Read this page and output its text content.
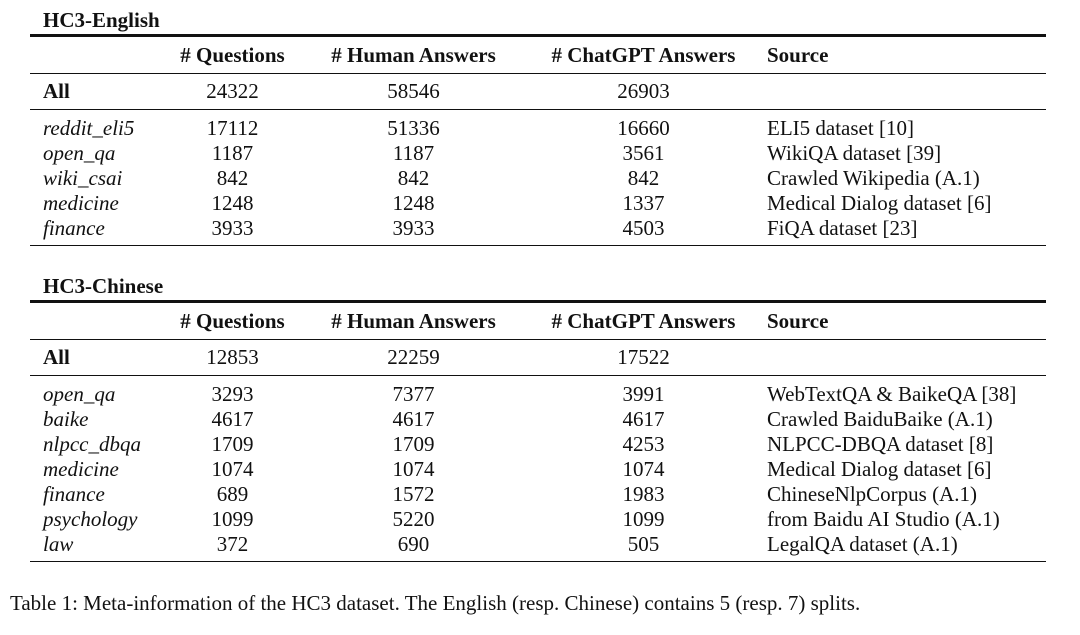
HC3-English
	# Questions	# Human Answers	# ChatGPT Answers	Source
All	24322	58546	26903	
reddit_eli5	17112	51336	16660	ELI5 dataset [10]
open_qa	1187	1187	3561	WikiQA dataset [39]
wiki_csai	842	842	842	Crawled Wikipedia (A.1)
medicine	1248	1248	1337	Medical Dialog dataset [6]
finance	3933	3933	4503	FiQA dataset [23]
HC3-Chinese
	# Questions	# Human Answers	# ChatGPT Answers	Source
All	12853	22259	17522	
open_qa	3293	7377	3991	WebTextQA & BaikeQA [38]
baike	4617	4617	4617	Crawled BaiduBaike (A.1)
nlpcc_dbqa	1709	1709	4253	NLPCC-DBQA dataset [8]
medicine	1074	1074	1074	Medical Dialog dataset [6]
finance	689	1572	1983	ChineseNlpCorpus (A.1)
psychology	1099	5220	1099	from Baidu AI Studio (A.1)
law	372	690	505	LegalQA dataset (A.1)
Table 1: Meta-information of the HC3 dataset. The English (resp. Chinese) contains 5 (resp. 7) splits.
